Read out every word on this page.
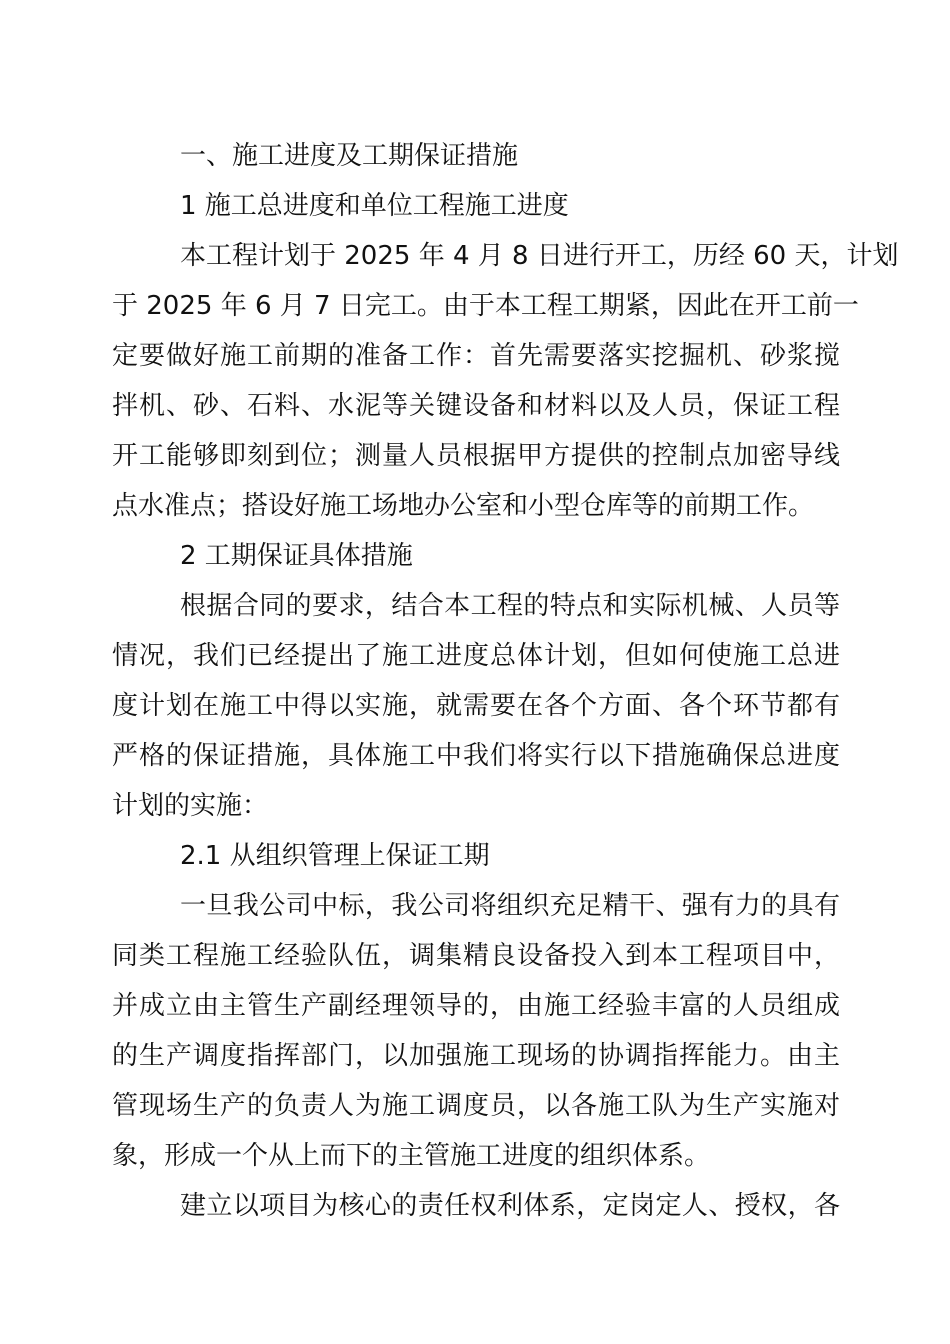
一、施工进度及工期保证措施
1 施工总进度和单位工程施工进度
本工程计划于 2025 年 4 月 8 日进行开工，历经 60 天，计划
于 2025 年 6 月 7 日完工。由于本工程工期紧，因此在开工前一
定要做好施工前期的准备工作：首先需要落实挖掘机、砂浆搅
拌机、砂、石料、水泥等关键设备和材料以及人员，保证工程
开工能够即刻到位；测量人员根据甲方提供的控制点加密导线
点水准点；搭设好施工场地办公室和小型仓库等的前期工作。
2 工期保证具体措施
根据合同的要求，结合本工程的特点和实际机械、人员等
情况，我们已经提出了施工进度总体计划，但如何使施工总进
度计划在施工中得以实施，就需要在各个方面、各个环节都有
严格的保证措施，具体施工中我们将实行以下措施确保总进度
计划的实施：
2.1 从组织管理上保证工期
一旦我公司中标，我公司将组织充足精干、强有力的具有
同类工程施工经验队伍，调集精良设备投入到本工程项目中，
并成立由主管生产副经理领导的，由施工经验丰富的人员组成
的生产调度指挥部门，以加强施工现场的协调指挥能力。由主
管现场生产的负责人为施工调度员，以各施工队为生产实施对
象，形成一个从上而下的主管施工进度的组织体系。
建立以项目为核心的责任权利体系，定岗定人、授权，各
